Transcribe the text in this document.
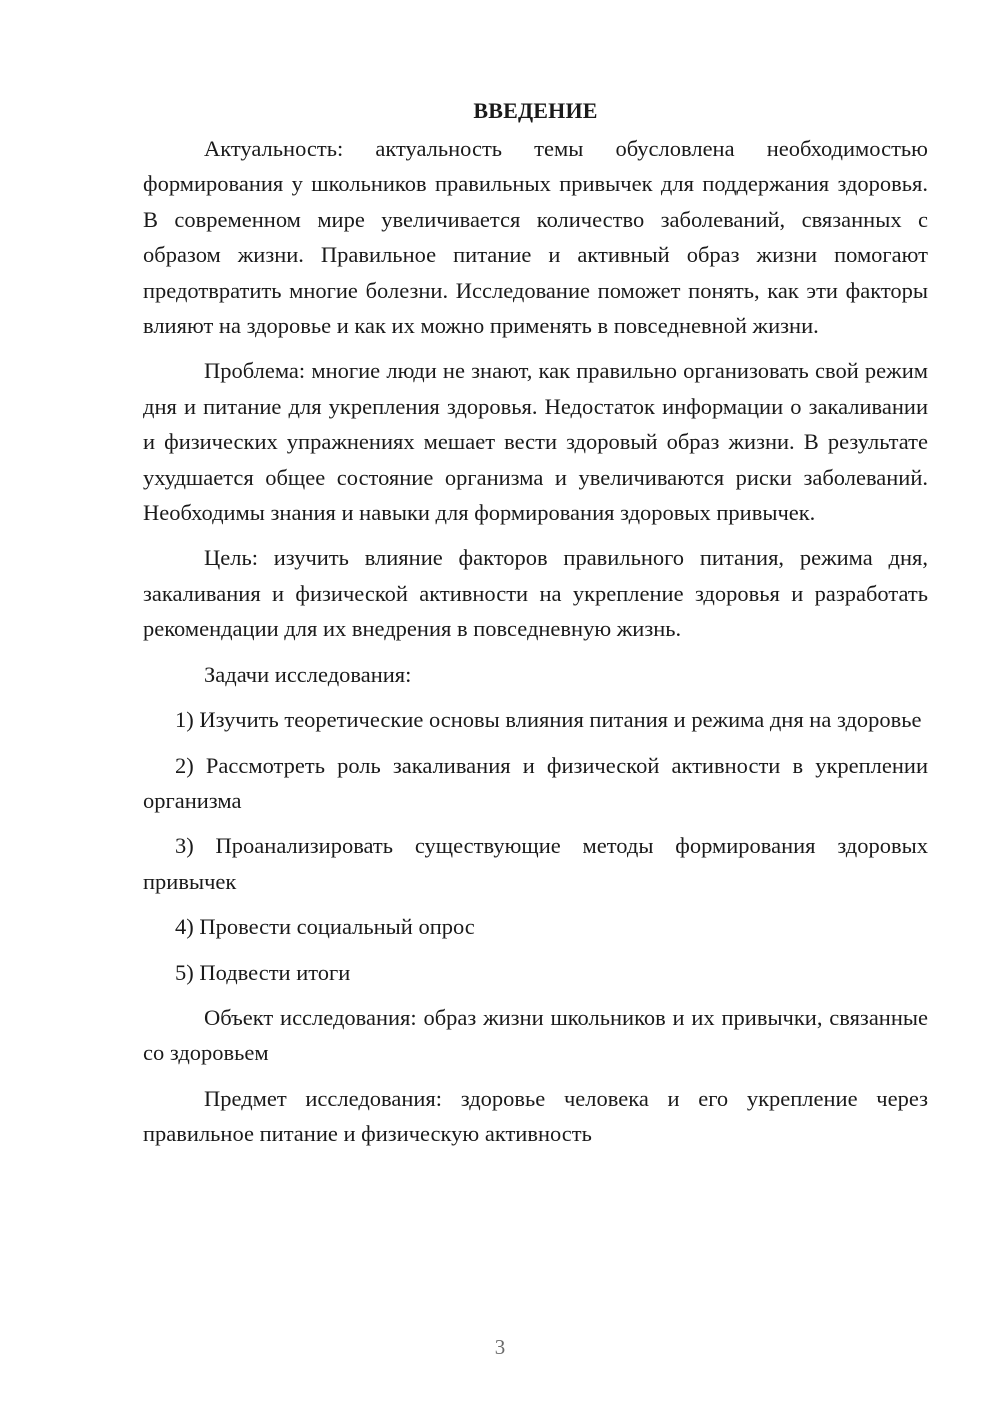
ВВЕДЕНИЕ

Актуальность: актуальность темы обусловлена необходимостью формирования у школьников правильных привычек для поддержания здоровья. В современном мире увеличивается количество заболеваний, связанных с образом жизни. Правильное питание и активный образ жизни помогают предотвратить многие болезни. Исследование поможет понять, как эти факторы влияют на здоровье и как их можно применять в повседневной жизни.

Проблема: многие люди не знают, как правильно организовать свой режим дня и питание для укрепления здоровья. Недостаток информации о закаливании и физических упражнениях мешает вести здоровый образ жизни. В результате ухудшается общее состояние организма и увеличиваются риски заболеваний. Необходимы знания и навыки для формирования здоровых привычек.

Цель: изучить влияние факторов правильного питания, режима дня, закаливания и физической активности на укрепление здоровья и разработать рекомендации для их внедрения в повседневную жизнь.

Задачи исследования:

1) Изучить теоретические основы влияния питания и режима дня на здоровье

2) Рассмотреть роль закаливания и физической активности в укреплении организма

3) Проанализировать существующие методы формирования здоровых привычек

4) Провести социальный опрос

5) Подвести итоги

Объект исследования: образ жизни школьников и их привычки, связанные со здоровьем

Предмет исследования: здоровье человека и его укрепление через правильное питание и физическую активность

3
